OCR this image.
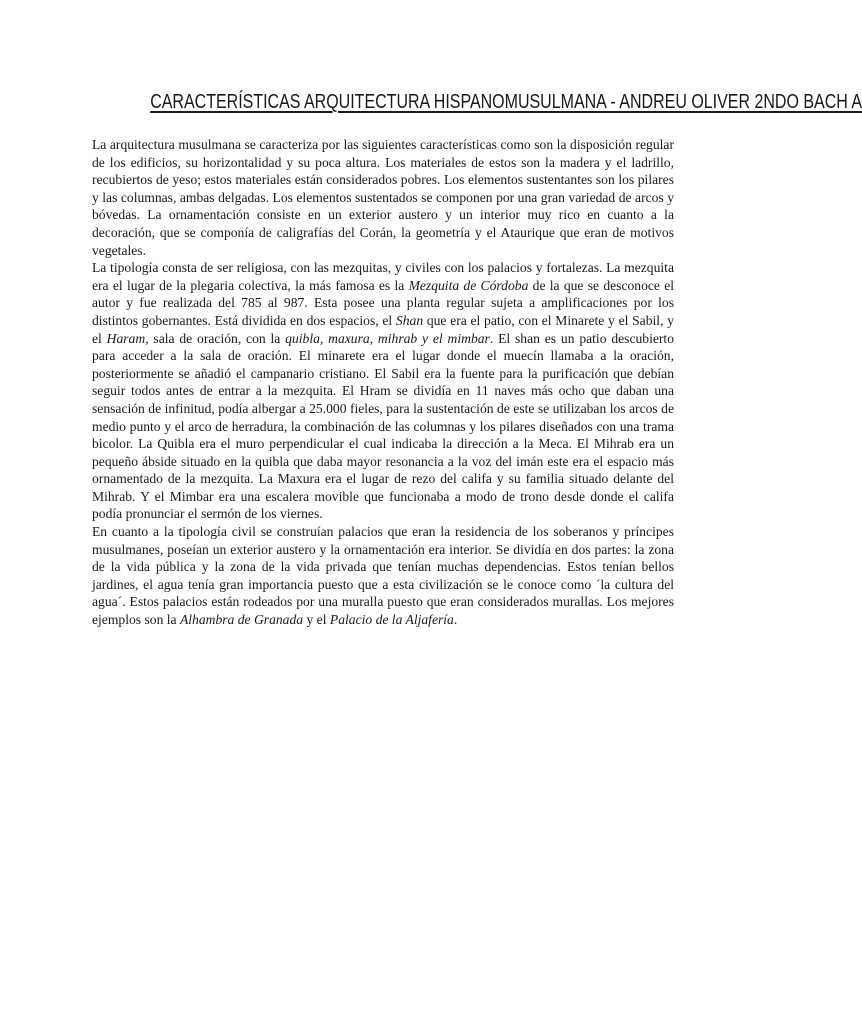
CARACTERÍSTICAS ARQUITECTURA HISPANOMUSULMANA - ANDREU OLIVER 2NDO BACH A

La arquitectura musulmana se caracteriza por las siguientes características como son la disposición regular de los edificios, su horizontalidad y su poca altura. Los materiales de estos son la madera y el ladrillo, recubiertos de yeso; estos materiales están considerados pobres. Los elementos sustentantes son los pilares y las columnas, ambas delgadas. Los elementos sustentados se componen por una gran variedad de arcos y bóvedas. La ornamentación consiste en un exterior austero y un interior muy rico en cuanto a la decoración, que se componía de caligrafías del Corán, la geometría y el Ataurique que eran de motivos vegetales.

La tipología consta de ser religiosa, con las mezquitas, y civiles con los palacios y fortalezas. La mezquita era el lugar de la plegaria colectiva, la más famosa es la Mezquita de Córdoba de la que se desconoce el autor y fue realizada del 785 al 987. Esta posee una planta regular sujeta a amplificaciones por los distintos gobernantes. Está dividida en dos espacios, el Shan que era el patio, con el Minarete y el Sabil, y el Haram, sala de oración, con la quibla, maxura, mihrab y el mimbar. El shan es un patio descubierto para acceder a la sala de oración. El minarete era el lugar donde el muecín llamaba a la oración, posteriormente se añadió el campanario cristiano. El Sabil era la fuente para la purificación que debían seguir todos antes de entrar a la mezquita. El Hram se dividía en 11 naves más ocho que daban una sensación de infinitud, podía albergar a 25.000 fieles, para la sustentación de este se utilizaban los arcos de medio punto y el arco de herradura, la combinación de las columnas y los pilares diseñados con una trama bicolor. La Quibla era el muro perpendicular el cual indicaba la dirección a la Meca. El Mihrab era un pequeño ábside situado en la quibla que daba mayor resonancia a la voz del imán este era el espacio más ornamentado de la mezquita. La Maxura era el lugar de rezo del califa y su familia situado delante del Mihrab. Y el Mimbar era una escalera movible que funcionaba a modo de trono desde donde el califa podía pronunciar el sermón de los viernes.

En cuanto a la tipología civil se construían palacios que eran la residencia de los soberanos y príncipes musulmanes, poseían un exterior austero y la ornamentación era interior. Se dividía en dos partes: la zona de la vida pública y la zona de la vida privada que tenían muchas dependencias. Estos tenían bellos jardines, el agua tenía gran importancia puesto que a esta civilización se le conoce como ´la cultura del agua´. Estos palacios están rodeados por una muralla puesto que eran considerados murallas. Los mejores ejemplos son la Alhambra de Granada y el Palacio de la Aljafería.
